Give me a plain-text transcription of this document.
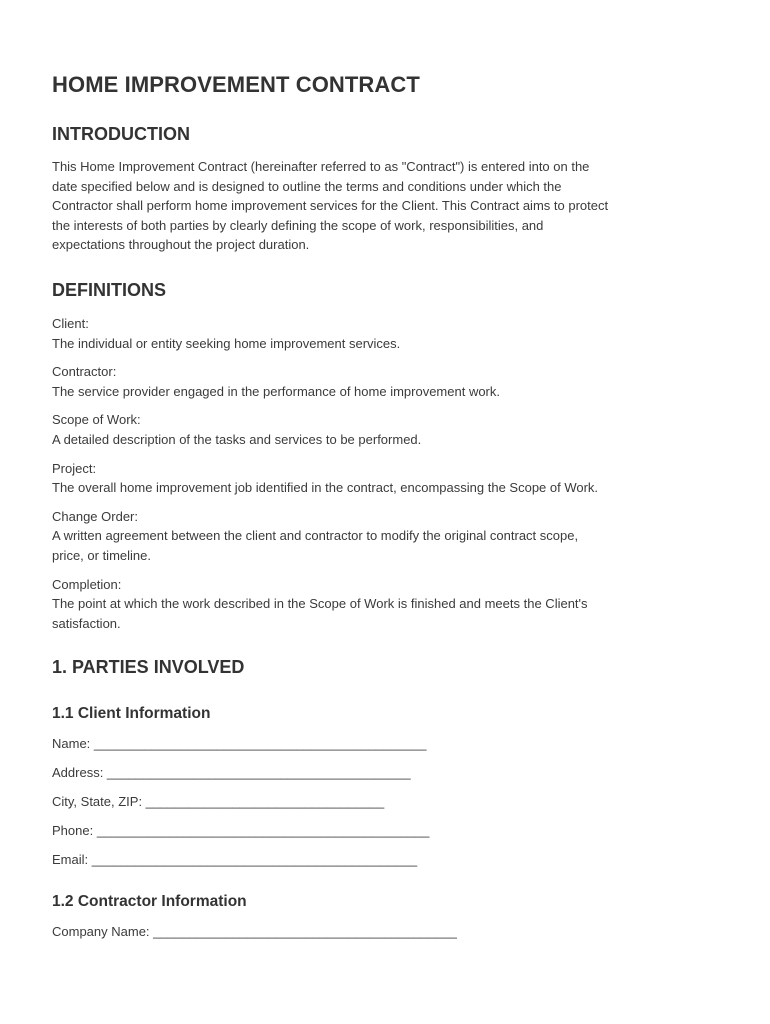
HOME IMPROVEMENT CONTRACT
INTRODUCTION

This Home Improvement Contract (hereinafter referred to as "Contract") is entered into on the
date specified below and is designed to outline the terms and conditions under which the
Contractor shall perform home improvement services for the Client. This Contract aims to protect
the interests of both parties by clearly defining the scope of work, responsibilities, and
expectations throughout the project duration.

DEFINITIONS
Client:
The individual or entity seeking home improvement services.
Contractor:
The service provider engaged in the performance of home improvement work.
Scope of Work:
A detailed description of the tasks and services to be performed.
Project:
The overall home improvement job identified in the contract, encompassing the Scope of Work.
Change Order:
A written agreement between the client and contractor to modify the original contract scope,
price, or timeline.
Completion:
The point at which the work described in the Scope of Work is finished and meets the Client's
satisfaction.
1. PARTIES INVOLVED
1.1 Client Information

Name: ______________________________________________

Address: __________________________________________

City, State, ZIP: _________________________________

Phone: ______________________________________________

Email: _____________________________________________

1.2 Contractor Information

Company Name: __________________________________________
